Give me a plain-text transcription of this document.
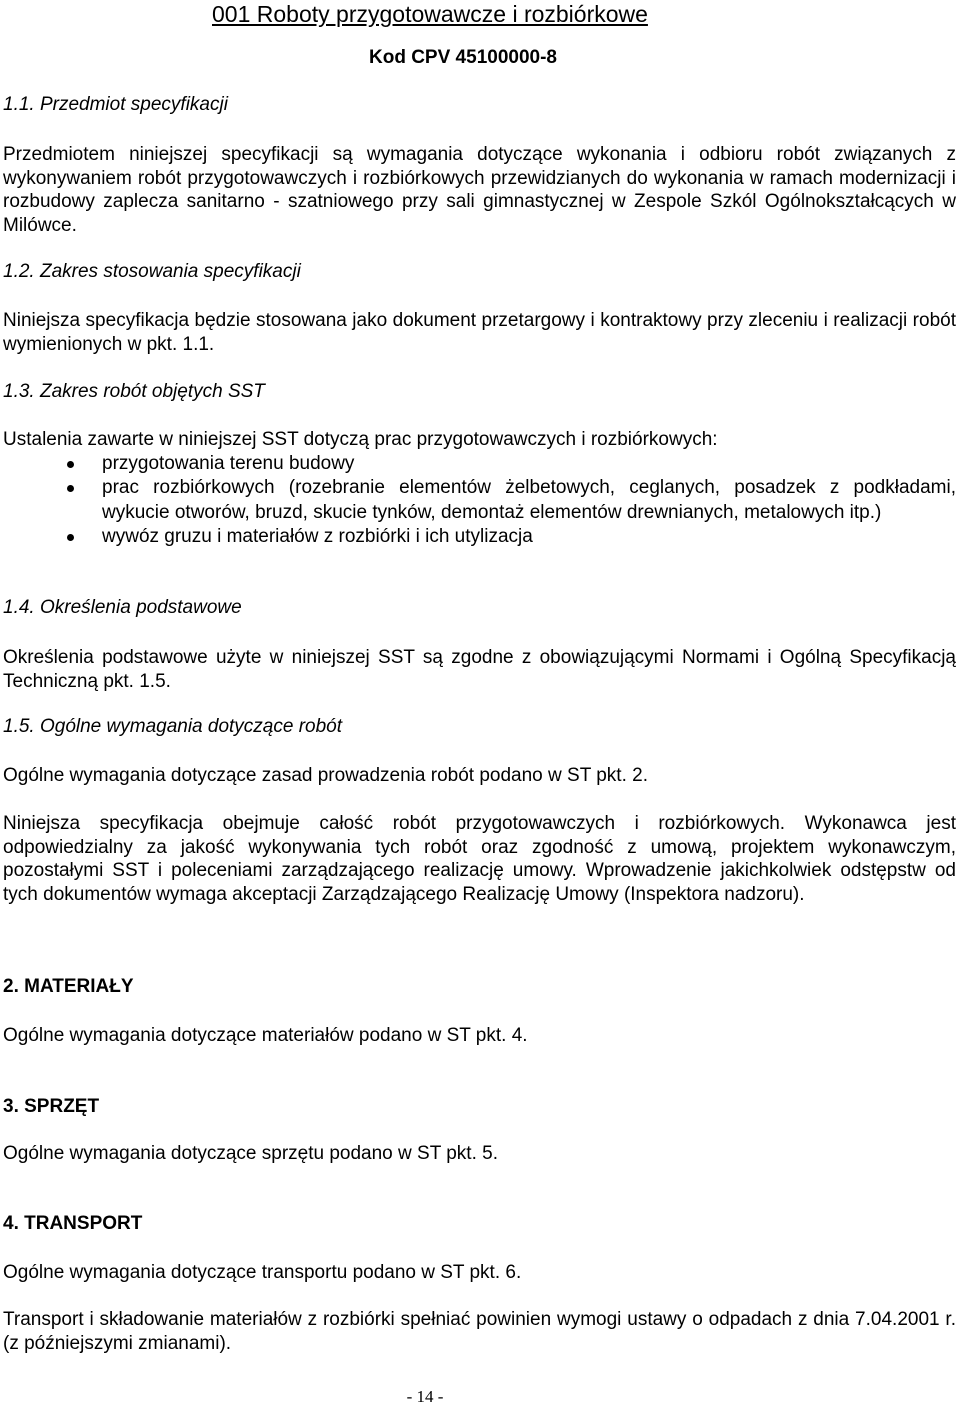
001 Roboty przygotowawcze i rozbiórkowe
Kod CPV 45100000-8
1.1. Przedmiot specyfikacji
Przedmiotem niniejszej specyfikacji są wymagania dotyczące wykonania i odbioru robót związanych z wykonywaniem robót przygotowawczych i rozbiórkowych przewidzianych do wykonania w ramach modernizacji i rozbudowy zaplecza sanitarno - szatniowego przy sali gimnastycznej w Zespole Szkól Ogólnokształcących w Milówce.
1.2. Zakres stosowania specyfikacji
Niniejsza specyfikacja będzie stosowana jako dokument przetargowy i kontraktowy przy zleceniu i realizacji robót wymienionych w pkt. 1.1.
1.3. Zakres robót objętych SST
Ustalenia zawarte w niniejszej SST dotyczą prac przygotowawczych i rozbiórkowych:
przygotowania terenu budowy
prac rozbiórkowych (rozebranie elementów żelbetowych, ceglanych, posadzek z podkładami, wykucie otworów, bruzd, skucie tynków, demontaż elementów drewnianych, metalowych itp.)
wywóz gruzu i materiałów z rozbiórki i ich utylizacja
1.4. Określenia podstawowe
Określenia podstawowe użyte w niniejszej SST są zgodne z obowiązującymi Normami i Ogólną Specyfikacją Techniczną pkt. 1.5.
1.5. Ogólne wymagania dotyczące robót
Ogólne wymagania dotyczące zasad prowadzenia robót podano w ST pkt. 2.
Niniejsza specyfikacja obejmuje całość robót przygotowawczych i rozbiórkowych. Wykonawca jest odpowiedzialny za jakość wykonywania tych robót oraz zgodność z umową, projektem wykonawczym, pozostałymi SST i poleceniami zarządzającego realizację umowy. Wprowadzenie jakichkolwiek odstępstw od tych dokumentów wymaga akceptacji Zarządzającego Realizację Umowy (Inspektora nadzoru).
2. MATERIAŁY
Ogólne wymagania dotyczące materiałów podano w ST pkt. 4.
3. SPRZĘT
Ogólne wymagania dotyczące sprzętu podano w ST pkt. 5.
4. TRANSPORT
Ogólne wymagania dotyczące transportu podano w ST pkt. 6.
Transport i składowanie materiałów z rozbiórki spełniać powinien wymogi ustawy o odpadach z dnia 7.04.2001 r. (z późniejszymi zmianami).
- 14 -
